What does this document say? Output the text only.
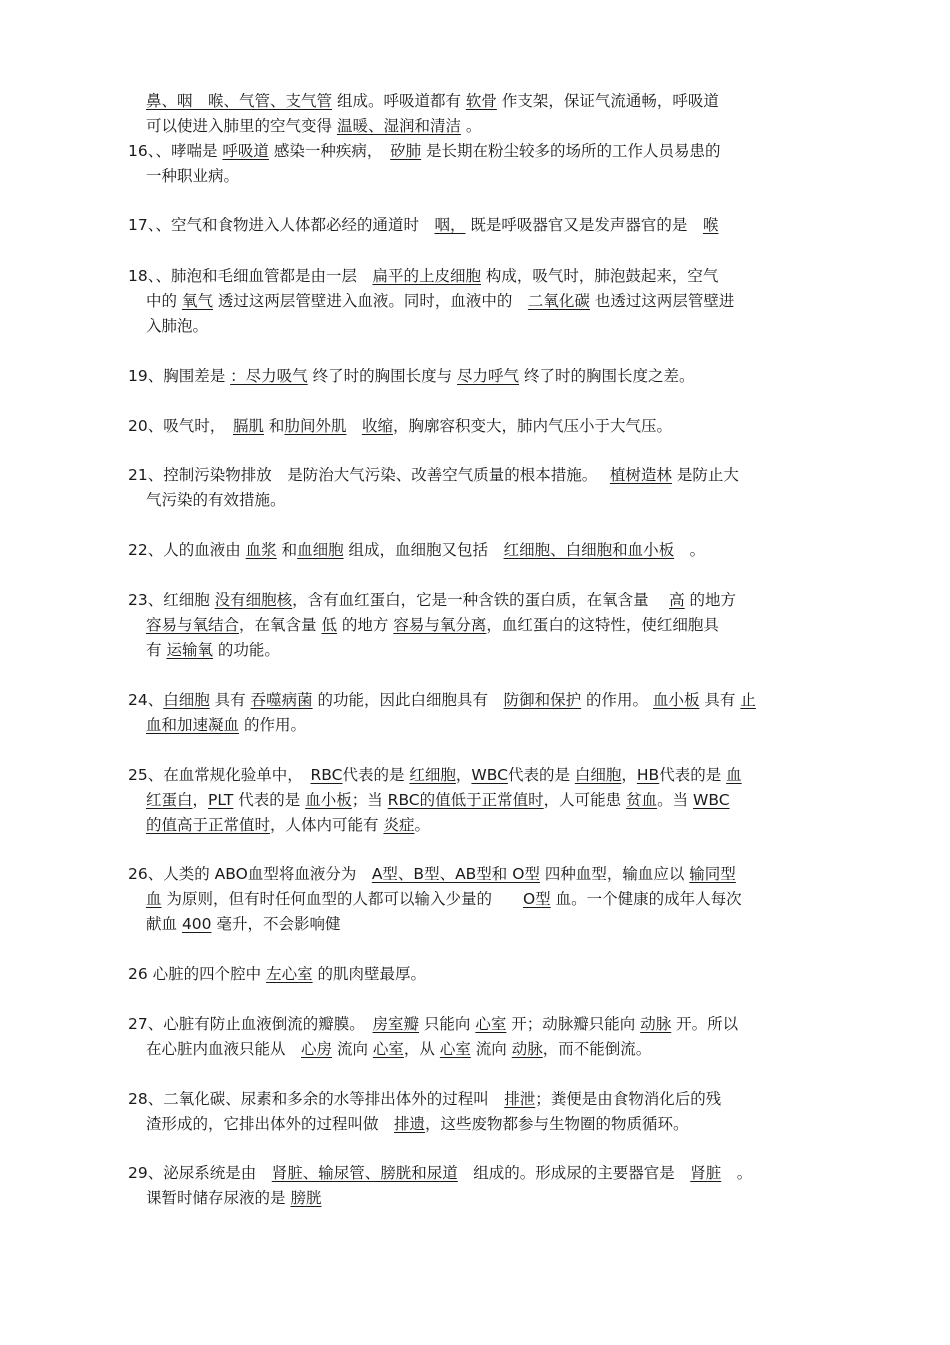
鼻、咽　喉、气管、支气管 组成。呼吸道都有 软骨 作支架，保证气流通畅，呼吸道
可以使进入肺里的空气变得 温暖、湿润和清洁 。
16、、哮喘是 呼吸道 感染一种疾病，　矽肺 是长期在粉尘较多的场所的工作人员易患的
一种职业病。
17、、空气和食物进入人体都必经的通道时　咽， 既是呼吸器官又是发声器官的是　喉
18、、肺泡和毛细血管都是由一层　扁平的上皮细胞 构成，吸气时，肺泡鼓起来，空气
中的 氧气 透过这两层管壁进入血液。同时，血液中的　二氧化碳 也透过这两层管壁进
入肺泡。
19、胸围差是 ：尽力吸气 终了时的胸围长度与 尽力呼气 终了时的胸围长度之差。
20、吸气时，　膈肌 和肋间外肌　 收缩，胸廓容积变大，肺内气压小于大气压。
21、控制污染物排放　是防治大气污染、改善空气质量的根本措施。　 植树造林 是防止大
气污染的有效措施。
22、人的血液由 血浆 和血细胞 组成，血细胞又包括　红细胞、白细胞和血小板　。
23、红细胞 没有细胞核，含有血红蛋白，它是一种含铁的蛋白质，在氧含量　 高 的地方
容易与氧结合，在氧含量 低 的地方 容易与氧分离，血红蛋白的这特性，使红细胞具
有 运输氧 的功能。
24、白细胞 具有 吞噬病菌 的功能，因此白细胞具有　防御和保护 的作用。 血小板 具有 止
血和加速凝血 的作用。
25、在血常规化验单中，　RBC代表的是 红细胞，WBC代表的是 白细胞，HB代表的是 血
红蛋白，PLT 代表的是 血小板；当 RBC的值低于正常值时，人可能患 贫血。当 WBC
的值高于正常值时，人体内可能有 炎症。
26、人类的 ABO血型将血液分为　A型、B型、AB型和 O型 四种血型，输血应以 输同型
血 为原则，但有时任何血型的人都可以输入少量的　　O型 血。一个健康的成年人每次
献血 400 毫升，不会影响健
26 心脏的四个腔中 左心室 的肌肉壁最厚。
27、心脏有防止血液倒流的瓣膜。　房室瓣 只能向 心室 开；动脉瓣只能向 动脉 开。所以
在心脏内血液只能从　心房 流向 心室，从 心室 流向 动脉，而不能倒流。
28、二氧化碳、尿素和多余的水等排出体外的过程叫　排泄；粪便是由食物消化后的残
渣形成的，它排出体外的过程叫做　排遗，这些废物都参与生物圈的物质循环。
29、泌尿系统是由　肾脏、输尿管、膀胱和尿道　组成的。形成尿的主要器官是　肾脏　。
课暂时储存尿液的是 膀胱
